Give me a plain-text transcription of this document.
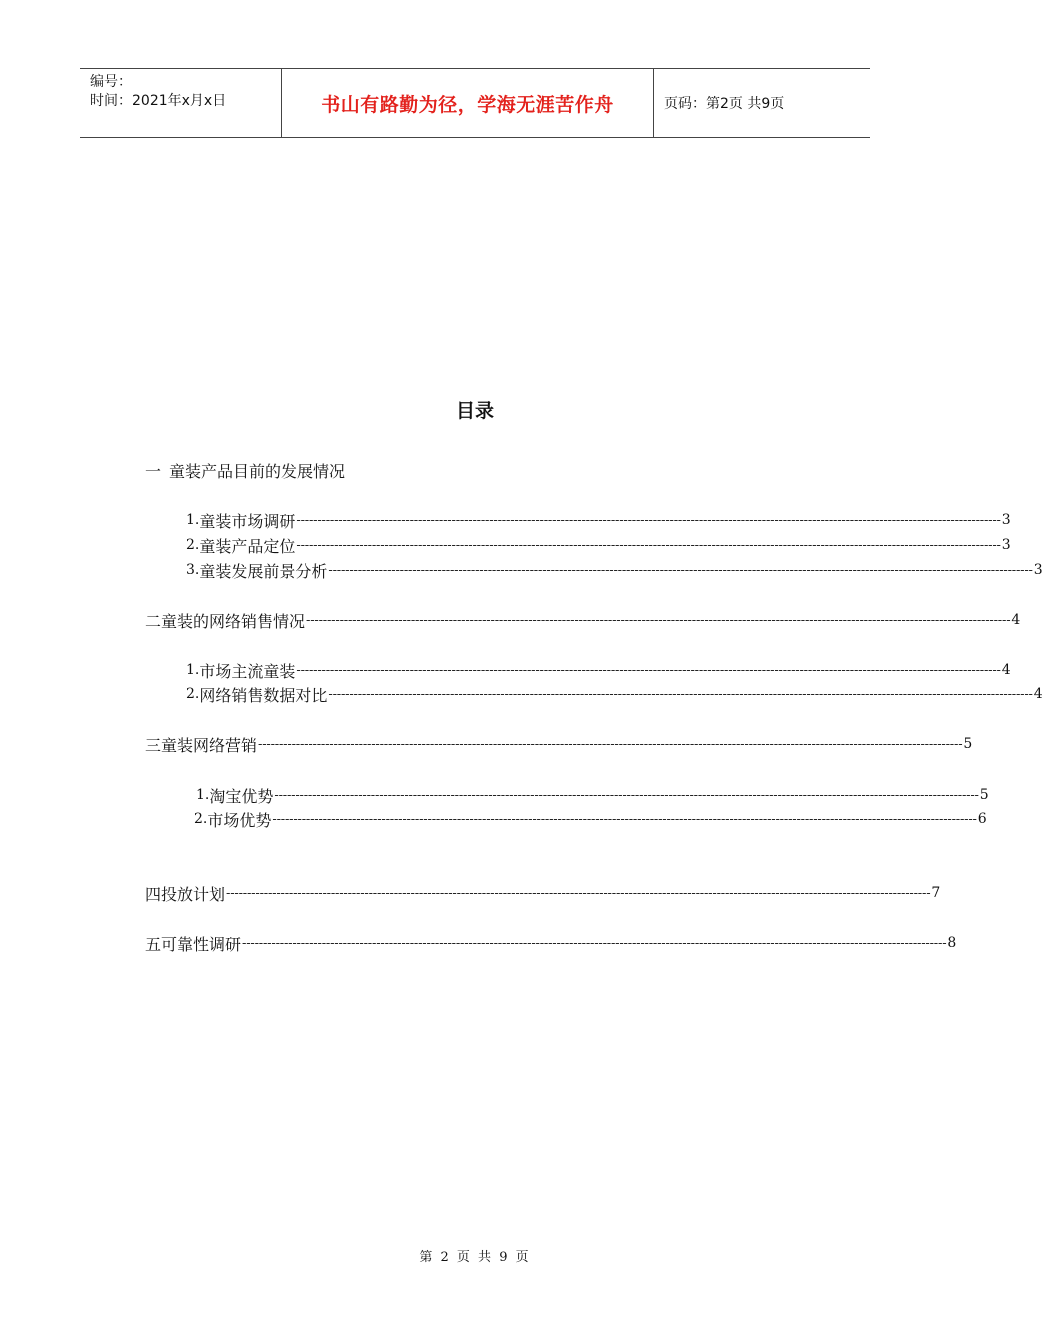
编号：
时间：2021年x月x日	书山有路勤为径，学海无涯苦作舟	页码：第2页 共9页
目录
一 童装产品目前的发展情况
1. 童装市场调研 ------------------------------------------------------------------------------------------------------------------------------------------------------------------------ 3
2. 童装产品定位 ------------------------------------------------------------------------------------------------------------------------------------------------------------------------ 3
3. 童装发展前景分析 ------------------------------------------------------------------------------------------------------------------------------------------------------------------------ 3
二 童装的网络销售情况 ------------------------------------------------------------------------------------------------------------------------------------------------------------------------ 4
1. 市场主流童装 ------------------------------------------------------------------------------------------------------------------------------------------------------------------------ 4
2. 网络销售数据对比 ------------------------------------------------------------------------------------------------------------------------------------------------------------------------ 4
三 童装网络营销 ------------------------------------------------------------------------------------------------------------------------------------------------------------------------ 5
1. 淘宝优势 ------------------------------------------------------------------------------------------------------------------------------------------------------------------------ 5
2. 市场优势 ------------------------------------------------------------------------------------------------------------------------------------------------------------------------ 6
四 投放计划 ------------------------------------------------------------------------------------------------------------------------------------------------------------------------ 7
五 可靠性调研 ------------------------------------------------------------------------------------------------------------------------------------------------------------------------ 8
第 2 页 共 9 页
